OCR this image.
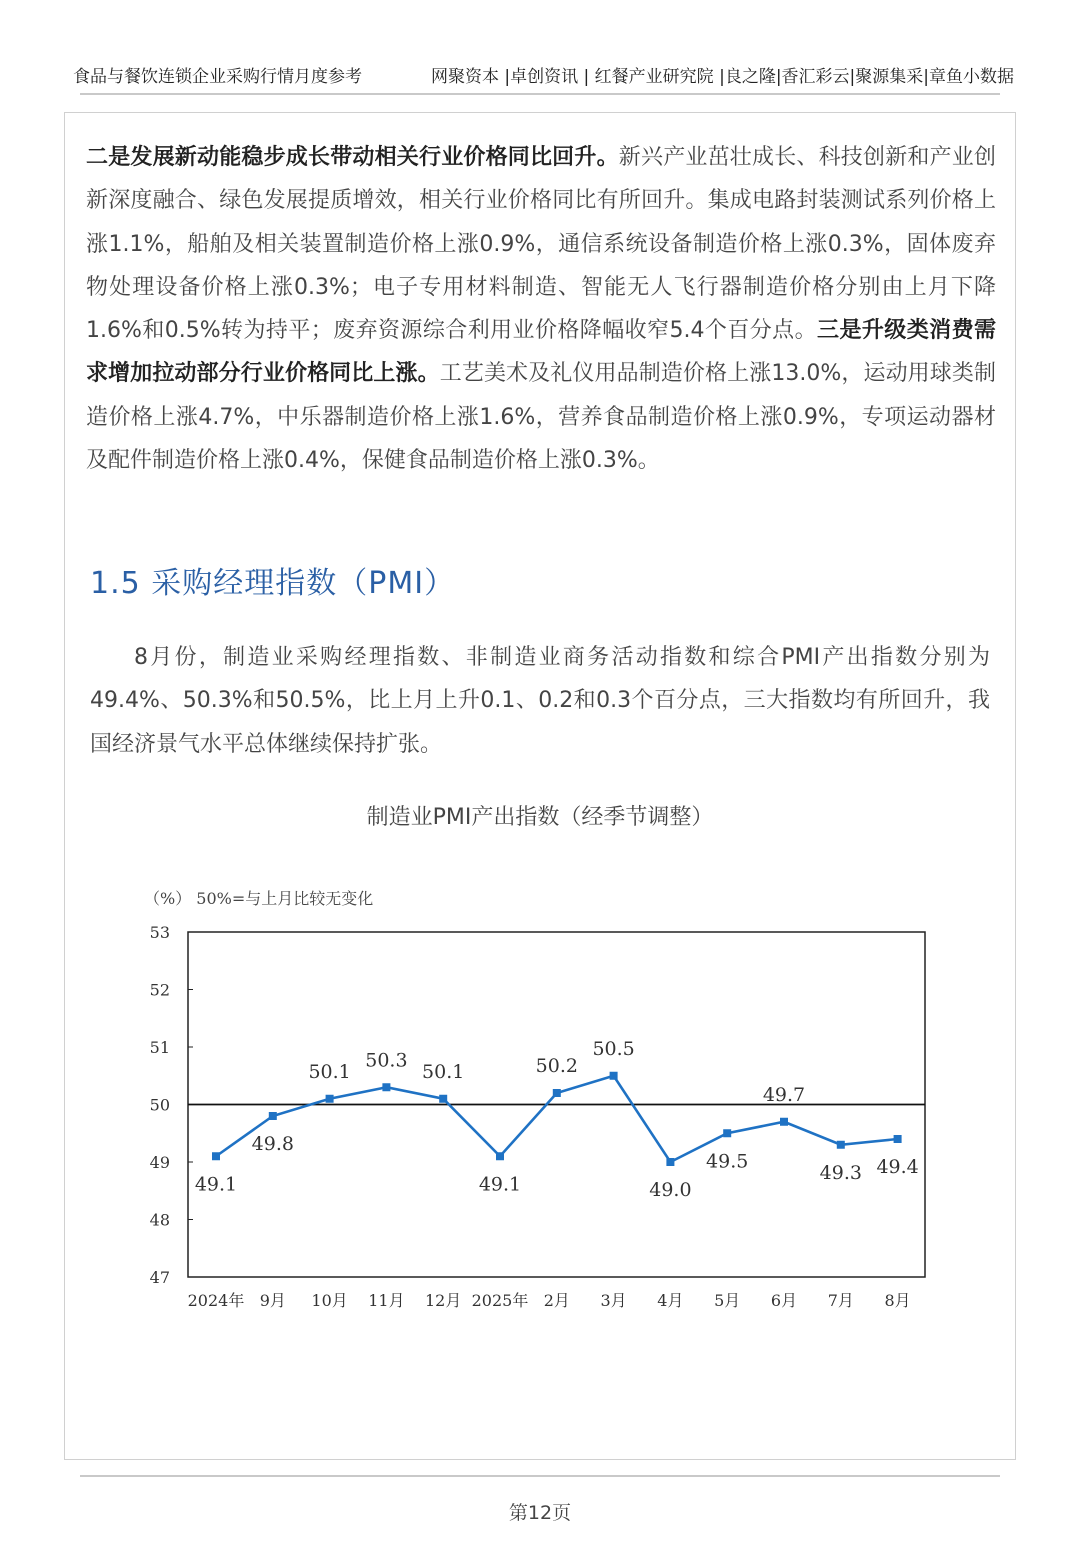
食品与餐饮连锁企业采购行情月度参考	网聚资本 |卓创资讯 | 红餐产业研究院 |良之隆|香汇彩云|聚源集采|章鱼小数据

二是发展新动能稳步成长带动相关行业价格同比回升。新兴产业茁壮成长、科技创新和产业创新深度融合、绿色发展提质增效，相关行业价格同比有所回升。集成电路封装测试系列价格上涨1.1%，船舶及相关装置制造价格上涨0.9%，通信系统设备制造价格上涨0.3%，固体废弃物处理设备价格上涨0.3%；电子专用材料制造、智能无人飞行器制造价格分别由上月下降1.6%和0.5%转为持平；废弃资源综合利用业价格降幅收窄5.4个百分点。三是升级类消费需求增加拉动部分行业价格同比上涨。工艺美术及礼仪用品制造价格上涨13.0%，运动用球类制造价格上涨4.7%，中乐器制造价格上涨1.6%，营养食品制造价格上涨0.9%，专项运动器材及配件制造价格上涨0.4%，保健食品制造价格上涨0.3%。

1.5 采购经理指数（PMI）

8月份，制造业采购经理指数、非制造业商务活动指数和综合PMI产出指数分别为49.4%、50.3%和50.5%，比上月上升0.1、0.2和0.3个百分点，三大指数均有所回升，我国经济景气水平总体继续保持扩张。

制造业PMI产出指数（经季节调整）
（%） 50%=与上月比较无变化
47
48
49
50
51
52
53
2024年 9月 10月 11月 12月 2025年 2月 3月 4月 5月 6月 7月 8月
49.1
49.8
50.1
50.3
50.1
49.1
50.2
50.5
49.0
49.5
49.7
49.3 49.4
第12页
